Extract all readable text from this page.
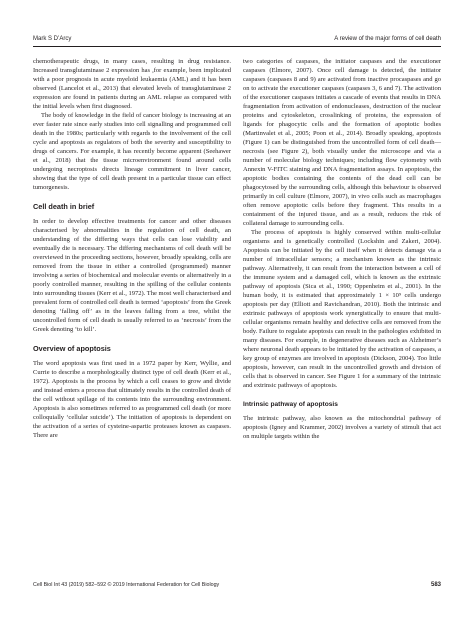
Mark S D’Arcy	A review of the major forms of cell death

chemotherapeutic drugs, in many cases, resulting in drug resistance. Increased transglutaminase 2 expression has ,for example, been implicated with a poor prognosis in acute myeloid leukaemia (AML) and it has been observed (Lancelot et al., 2013) that elevated levels of transglutaminase 2 expression are found in patients during an AML relapse as compared with the initial levels when first diagnosed.

The body of knowledge in the field of cancer biology is increasing at an ever faster rate since early studies into cell signalling and programmed cell death in the 1980s; particularly with regards to the involvement of the cell cycle and apoptosis as regulators of both the severity and susceptibility to drugs of cancers. For example, it has recently become apparent (Seehawer et al., 2018) that the tissue microenvironment found around cells undergoing necroptosis directs lineage commitment in liver cancer, showing that the type of cell death present in a particular tissue can effect tumorgenesis.

Cell death in brief

In order to develop effective treatments for cancer and other diseases characterised by abnormalities in the regulation of cell death, an understanding of the differing ways that cells can lose viability and eventually die is necessary. The differing mechanisms of cell death will be overviewed in the proceeding sections, however, broadly speaking, cells are removed from the tissue in either a controlled (programmed) manner involving a series of biochemical and molecular events or alternatively in a poorly controlled manner, resulting in the spilling of the cellular contents into surrounding tissues (Kerr et al., 1972). The most well characterised and prevalent form of controlled cell death is termed ‘apoptosis’ from the Greek denoting ‘falling off’ as in the leaves falling from a tree, whilst the uncontrolled form of cell death is usually referred to as ‘necrosis’ from the Greek denoting ‘to kill’.

Overview of apoptosis

The word apoptosis was first used in a 1972 paper by Kerr, Wyllie, and Currie to describe a morphologically distinct type of cell death (Kerr et al., 1972). Apoptosis is the process by which a cell ceases to grow and divide and instead enters a process that ultimately results in the controlled death of the cell without spillage of its contents into the surrounding environment. Apoptosis is also sometimes referred to as programmed cell death (or more colloquially ‘cellular suicide’). The initiation of apoptosis is dependent on the activation of a series of cysteine-aspartic proteases known as caspases. There are

two categories of caspases, the initiator caspases and the executioner caspases (Elmore, 2007). Once cell damage is detected, the initiator caspases (caspases 8 and 9) are activated from inactive procaspases and go on to activate the executioner caspases (caspases 3, 6 and 7). The activation of the executioner caspases initiates a cascade of events that results in DNA fragmentation from activation of endonucleases, destruction of the nuclear proteins and cytoskeleton, crosslinking of proteins, the expression of ligands for phagocytic cells and the formation of apoptotic bodies (Martinvalet et al., 2005; Poon et al., 2014). Broadly speaking, apoptosis (Figure 1) can be distinguished from the uncontrolled form of cell death—necrosis (see Figure 2), both visually under the microscope and via a number of molecular biology techniques; including flow cytometry with Annexin V-FITC staining and DNA fragmentation assays. In apoptosis, the apoptotic bodies containing the contents of the dead cell can be phagocytosed by the surrounding cells, although this behaviour is observed primarily in cell culture (Elmore, 2007), in vivo cells such as macrophages often remove apoptotic cells before they fragment. This results in a containment of the injured tissue, and as a result, reduces the risk of collateral damage to surrounding cells.

The process of apoptosis is highly conserved within multi-cellular organisms and is genetically controlled (Lockshin and Zakeri, 2004). Apoptosis can be initiated by the cell itself when it detects damage via a number of intracellular sensors; a mechanism known as the intrinsic pathway. Alternatively, it can result from the interaction between a cell of the immune system and a damaged cell, which is known as the extrinsic pathway of apoptosis (Sica et al., 1990; Oppenheim et al., 2001). In the human body, it is estimated that approximately 1 × 10⁹ cells undergo apoptosis per day (Elliott and Ravichandran, 2010). Both the intrinsic and extrinsic pathways of apoptosis work synergistically to ensure that multi-cellular organisms remain healthy and defective cells are removed from the body. Failure to regulate apoptosis can result in the pathologies exhibited in many diseases. For example, in degenerative diseases such as Alzheimer’s where neuronal death appears to be initiated by the activation of caspases, a key group of enzymes are involved in apoptosis (Dickson, 2004). Too little apoptosis, however, can result in the uncontrolled growth and division of cells that is observed in cancer. See Figure 1 for a summary of the intrinsic and extrinsic pathways of apoptosis.

Intrinsic pathway of apoptosis

The intrinsic pathway, also known as the mitochondrial pathway of apoptosis (Igney and Krammer, 2002) involves a variety of stimuli that act on multiple targets within the

Cell Biol Int 43 (2019) 582–592 © 2019 International Federation for Cell Biology	583
